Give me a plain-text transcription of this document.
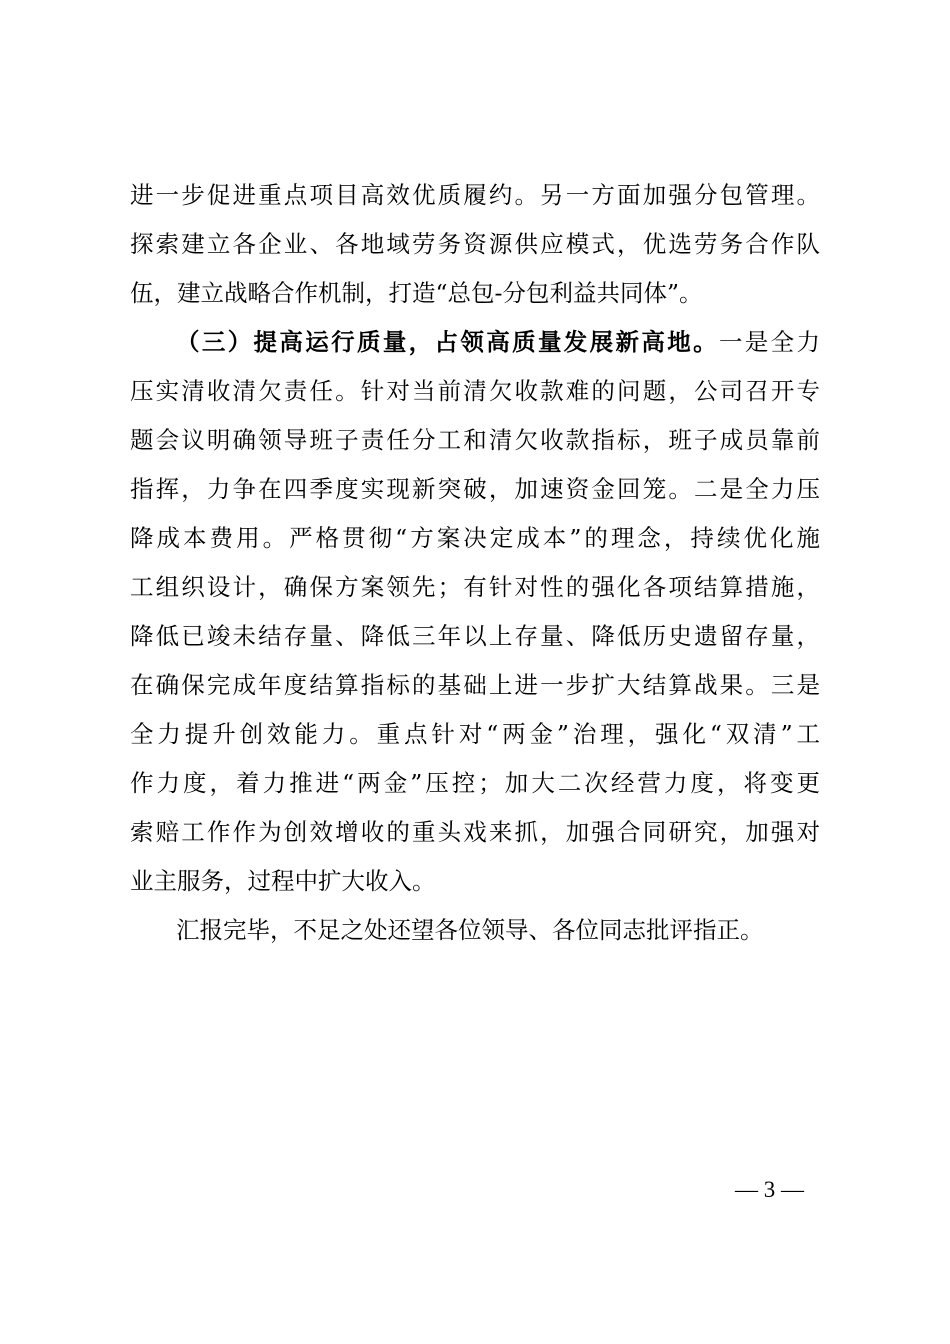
进一步促进重点项目高效优质履约。另一方面加强分包管理。
探索建立各企业、各地域劳务资源供应模式，优选劳务合作队
伍，建立战略合作机制，打造“总包-分包利益共同体”。
（三）提高运行质量，占领高质量发展新高地。一是全力
压实清收清欠责任。针对当前清欠收款难的问题，公司召开专
题会议明确领导班子责任分工和清欠收款指标，班子成员靠前
指挥，力争在四季度实现新突破，加速资金回笼。二是全力压
降成本费用。严格贯彻“方案决定成本”的理念，持续优化施
工组织设计，确保方案领先；有针对性的强化各项结算措施，
降低已竣未结存量、降低三年以上存量、降低历史遗留存量，
在确保完成年度结算指标的基础上进一步扩大结算战果。三是
全力提升创效能力。重点针对“两金”治理，强化“双清”工
作力度，着力推进“两金”压控；加大二次经营力度，将变更
索赔工作作为创效增收的重头戏来抓，加强合同研究，加强对
业主服务，过程中扩大收入。
汇报完毕，不足之处还望各位领导、各位同志批评指正。
— 3 —
